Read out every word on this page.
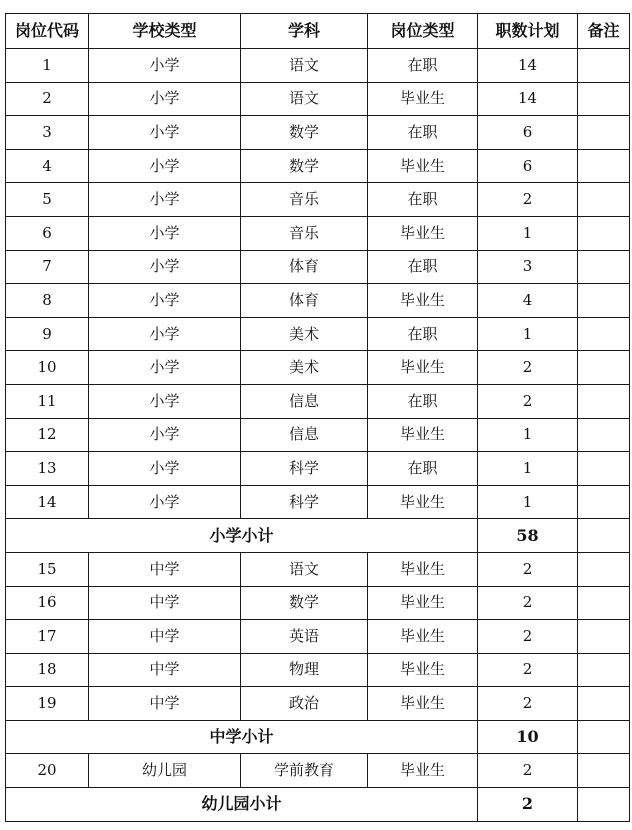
岗位代码	学校类型	学科	岗位类型	职数计划	备注
1	小学	语文	在职	14	
2	小学	语文	毕业生	14	
3	小学	数学	在职	6	
4	小学	数学	毕业生	6	
5	小学	音乐	在职	2	
6	小学	音乐	毕业生	1	
7	小学	体育	在职	3	
8	小学	体育	毕业生	4	
9	小学	美术	在职	1	
10	小学	美术	毕业生	2	
11	小学	信息	在职	2	
12	小学	信息	毕业生	1	
13	小学	科学	在职	1	
14	小学	科学	毕业生	1	
小学小计				58	
15	中学	语文	毕业生	2	
16	中学	数学	毕业生	2	
17	中学	英语	毕业生	2	
18	中学	物理	毕业生	2	
19	中学	政治	毕业生	2	
中学小计				10	
20	幼儿园	学前教育	毕业生	2	
幼儿园小计				2	
